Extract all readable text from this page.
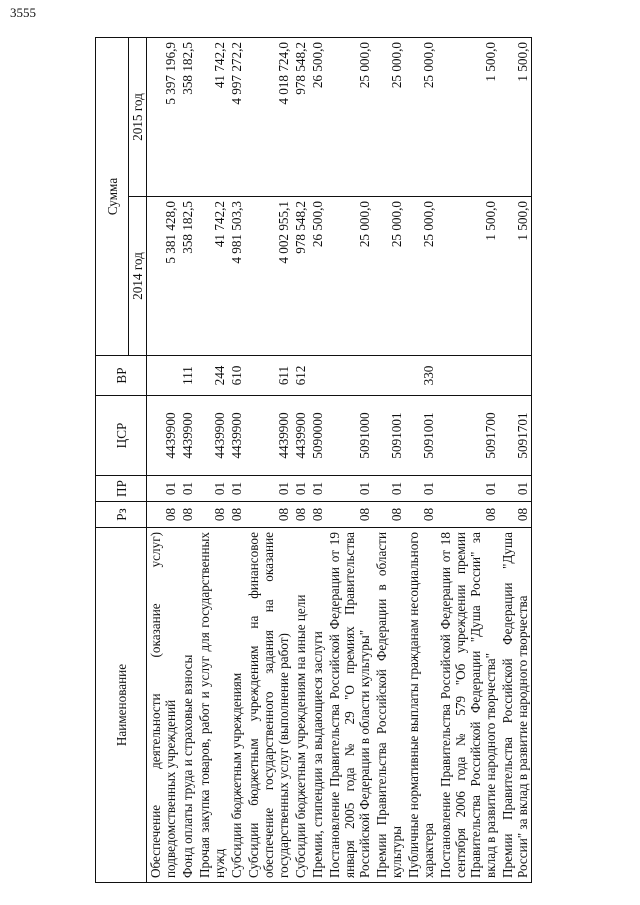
3555
Наименование	Рз	ПР	ЦСР	ВР	Сумма	
					2014 год	2015 год
Обеспечение деятельности (оказание услуг) подведомственных учреждений	08	01	4439900		5 381 428,0	5 397 196,9
Фонд оплаты труда и страховые взносы	08	01	4439900	111	358 182,5	358 182,5
Прочая закупка товаров, работ и услуг для государственных нужд	08	01	4439900	244	41 742,2	41 742,2
Субсидии бюджетным учреждениям	08	01	4439900	610	4 981 503,3	4 997 272,2
Субсидии бюджетным учреждениям на финансовое обеспечение государственного задания на оказание государственных услуг (выполнение работ)	08	01	4439900	611	4 002 955,1	4 018 724,0
Субсидии бюджетным учреждениям на иные цели	08	01	4439900	612	978 548,2	978 548,2
Премии, стипендии за выдающиеся заслуги	08	01	5090000		26 500,0	26 500,0
Постановление Правительства Российской Федерации от 19 января 2005 года № 29 "О премиях Правительства Российской Федерации в области культуры"	08	01	5091000		25 000,0	25 000,0
Премии Правительства Российской Федерации в области культуры	08	01	5091001		25 000,0	25 000,0
Публичные нормативные выплаты гражданам несоциального характера	08	01	5091001	330	25 000,0	25 000,0
Постановление Правительства Российской Федерации от 18 сентября 2006 года № 579 "Об учреждении премии Правительства Российской Федерации "Душа России" за вклад в развитие народного творчества"	08	01	5091700		1 500,0	1 500,0
Премии Правительства Российской Федерации "Душа России" за вклад в развитие народного творчества	08	01	5091701		1 500,0	1 500,0
